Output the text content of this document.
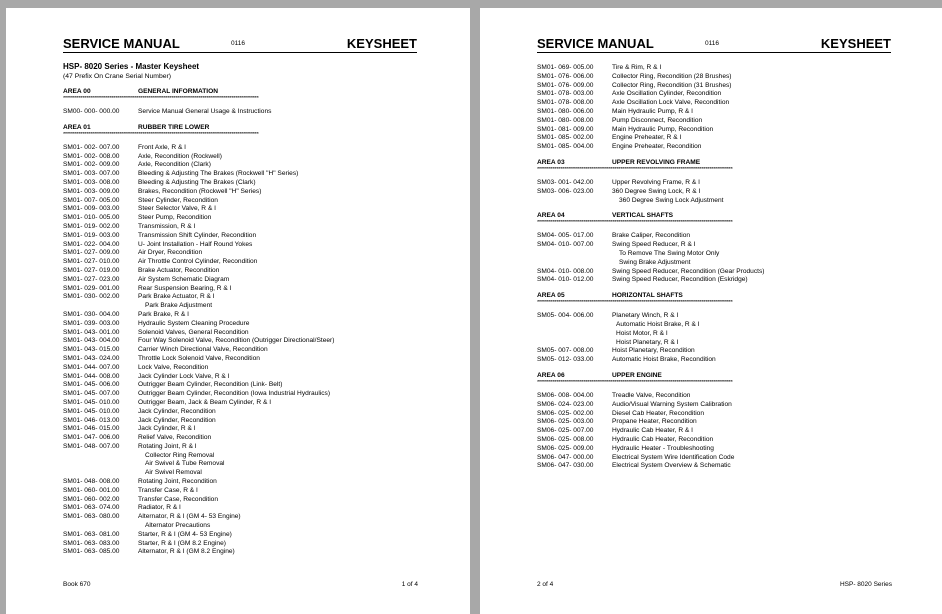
SERVICE MANUAL	0116	KEYSHEET
HSP- 8020 Series - Master Keysheet
(47 Prefix On Crane Serial Number)
AREA 00	GENERAL INFORMATION
*****************************************************************************************************
SM00- 000- 000.00	Service Manual General Usage & Instructions
AREA 01	RUBBER TIRE LOWER
*****************************************************************************************************
SM01- 002- 007.00	Front Axle, R & I
SM01- 002- 008.00	Axle, Recondition (Rockwell)
SM01- 002- 009.00	Axle, Recondition (Clark)
SM01- 003- 007.00	Bleeding & Adjusting The Brakes (Rockwell "H" Series)
SM01- 003- 008.00	Bleeding & Adjusting The Brakes (Clark)
SM01- 003- 009.00	Brakes, Recondition (Rockwell "H" Series)
SM01- 007- 005.00	Steer Cylinder, Recondition
SM01- 009- 003.00	Steer Selector Valve, R & I
SM01- 010- 005.00	Steer Pump, Recondition
SM01- 019- 002.00	Transmission, R & I
SM01- 019- 003.00	Transmission Shift Cylinder, Recondition
SM01- 022- 004.00	U- Joint Installation - Half Round Yokes
SM01- 027- 009.00	Air Dryer, Recondition
SM01- 027- 010.00	Air Throttle Control Cylinder, Recondition
SM01- 027- 019.00	Brake Actuator, Recondition
SM01- 027- 023.00	Air System Schematic Diagram
SM01- 029- 001.00	Rear Suspension Bearing, R & I
SM01- 030- 002.00	Park Brake Actuator, R & I
Park Brake Adjustment
SM01- 030- 004.00	Park Brake, R & I
SM01- 039- 003.00	Hydraulic System Cleaning Procedure
SM01- 043- 001.00	Solenoid Valves, General Recondition
SM01- 043- 004.00	Four Way Solenoid Valve, Recondition (Outrigger Directional/Steer)
SM01- 043- 015.00	Carrier Winch Directional Valve, Recondition
SM01- 043- 024.00	Throttle Lock Solenoid Valve, Recondition
SM01- 044- 007.00	Lock Valve, Recondition
SM01- 044- 008.00	Jack Cylinder Lock Valve, R & I
SM01- 045- 006.00	Outrigger Beam Cylinder, Recondition (Link- Belt)
SM01- 045- 007.00	Outrigger Beam Cylinder, Recondition (Iowa Industrial Hydraulics)
SM01- 045- 010.00	Outrigger Beam, Jack & Beam Cylinder, R & I
SM01- 045- 010.00	Jack Cylinder, Recondition
SM01- 046- 013.00	Jack Cylinder, Recondition
SM01- 046- 015.00	Jack Cylinder, R & I
SM01- 047- 006.00	Relief Valve, Recondition
SM01- 048- 007.00	Rotating Joint, R & I
Collector Ring Removal
Air Swivel & Tube Removal
Air Swivel Removal
SM01- 048- 008.00	Rotating Joint, Recondition
SM01- 060- 001.00	Transfer Case, R & I
SM01- 060- 002.00	Transfer Case, Recondition
SM01- 063- 074.00	Radiator, R & I
SM01- 063- 080.00	Alternator, R & I (GM 4- 53 Engine)
Alternator Precautions
SM01- 063- 081.00	Starter, R & I (GM 4- 53 Engine)
SM01- 063- 083.00	Starter, R & I (GM 8.2 Engine)
SM01- 063- 085.00	Alternator, R & I (GM 8.2 Engine)
Book 670	1 of 4
SERVICE MANUAL	0116	KEYSHEET
SM01- 069- 005.00	Tire & Rim, R & I
SM01- 076- 006.00	Collector Ring, Recondition (28 Brushes)
SM01- 076- 009.00	Collector Ring, Recondition (31 Brushes)
SM01- 078- 003.00	Axle Oscillation Cylinder, Recondition
SM01- 078- 008.00	Axle Oscillation Lock Valve, Recondition
SM01- 080- 006.00	Main Hydraulic Pump, R & I
SM01- 080- 008.00	Pump Disconnect, Recondition
SM01- 081- 009.00	Main Hydraulic Pump, Recondition
SM01- 085- 002.00	Engine Preheater, R & I
SM01- 085- 004.00	Engine Preheater, Recondition
AREA 03	UPPER REVOLVING FRAME
*****************************************************************************************************
SM03- 001- 042.00	Upper Revolving Frame, R & I
SM03- 006- 023.00	360 Degree Swing Lock, R & I
360 Degree Swing Lock Adjustment
AREA 04	VERTICAL SHAFTS
*****************************************************************************************************
SM04- 005- 017.00	Brake Caliper, Recondition
SM04- 010- 007.00	Swing Speed Reducer, R & I
To Remove The Swing Motor Only
Swing Brake Adjustment
SM04- 010- 008.00	Swing Speed Reducer, Recondition (Gear Products)
SM04- 010- 012.00	Swing Speed Reducer, Recondition (Eskridge)
AREA 05	HORIZONTAL SHAFTS
*****************************************************************************************************
SM05- 004- 006.00	Planetary Winch, R & I
Automatic Hoist Brake, R & I
Hoist Motor, R & I
Hoist Planetary, R & I
SM05- 007- 008.00	Hoist Planetary, Recondition
SM05- 012- 033.00	Automatic Hoist Brake, Recondition
AREA 06	UPPER ENGINE
*****************************************************************************************************
SM06- 008- 004.00	Treadle Valve, Recondition
SM06- 024- 023.00	Audio/Visual Warning System Calibration
SM06- 025- 002.00	Diesel Cab Heater, Recondition
SM06- 025- 003.00	Propane Heater, Recondition
SM06- 025- 007.00	Hydraulic Cab Heater, R & I
SM06- 025- 008.00	Hydraulic Cab Heater, Recondition
SM06- 025- 009.00	Hydraulic Heater - Troubleshooting
SM06- 047- 000.00	Electrical System Wire Identification Code
SM06- 047- 030.00	Electrical System Overview & Schematic
2 of 4	HSP- 8020 Series
